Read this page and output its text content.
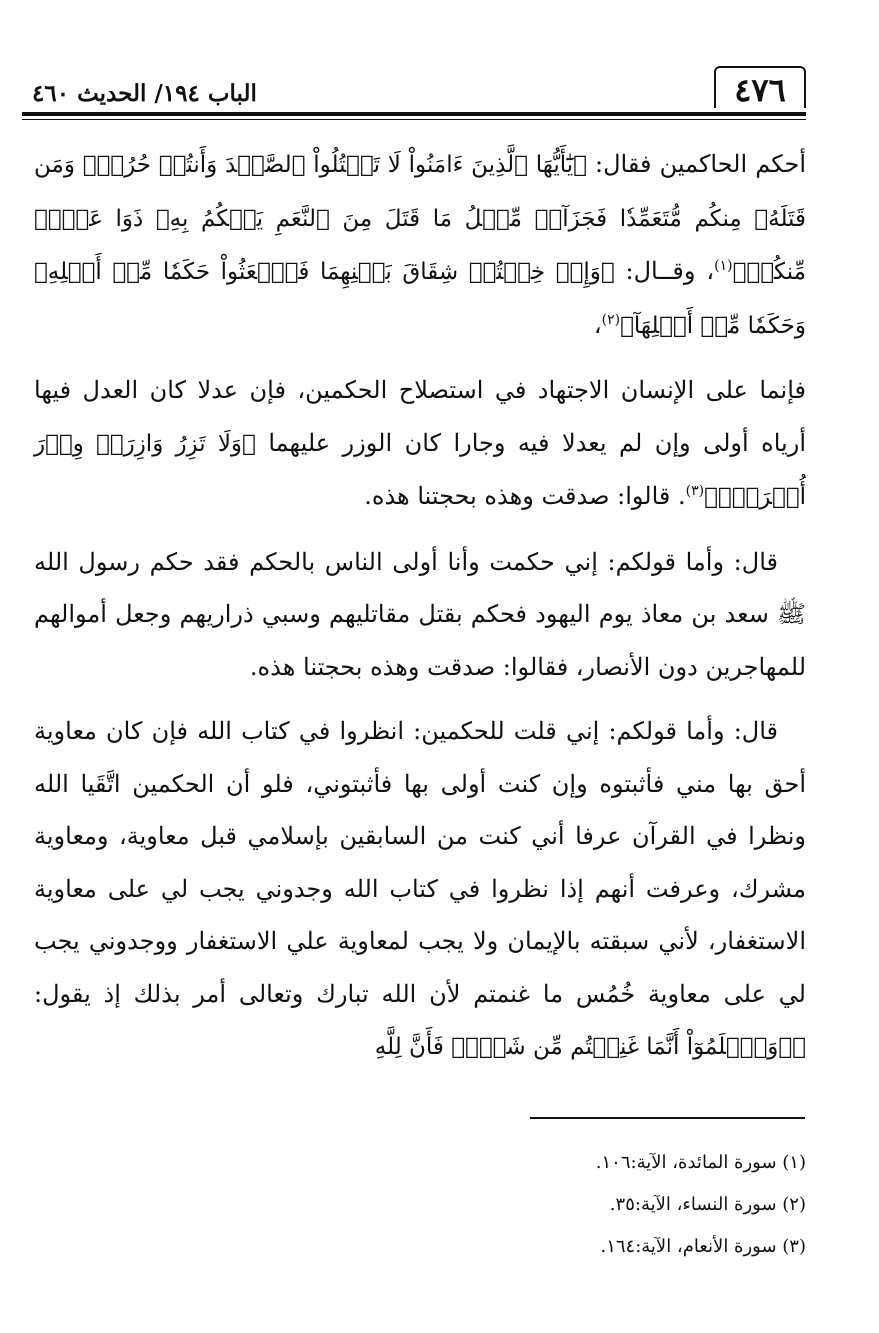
٤٧٦
الباب ١٩٤/ الحديث ٤٦٠

أحكم الحاكمين فقال: ﴿يَٰٓأَيُّهَا ٱلَّذِينَ ءَامَنُواْ لَا تَقۡتُلُواْ ٱلصَّيۡدَ وَأَنتُمۡ حُرُمٞۚ وَمَن قَتَلَهُۥ مِنكُم مُّتَعَمِّدٗا فَجَزَآءٞ مِّثۡلُ مَا قَتَلَ مِنَ ٱلنَّعَمِ يَحۡكُمُ بِهِۦ ذَوَا عَدۡلٖ مِّنكُمۡ﴾$^{(١)}$، وقــال: ﴿وَإِنۡ خِفۡتُمۡ شِقَاقَ بَيۡنِهِمَا فَٱبۡعَثُواْ حَكَمٗا مِّنۡ أَهۡلِهِۦ وَحَكَمٗا مِّنۡ أَهۡلِهَآ﴾$^{(٢)}$،

فإنما على الإنسان الاجتهاد في استصلاح الحكمين، فإن عدلا كان العدل فيها أرياه أولى وإن لم يعدلا فيه وجارا كان الوزر عليهما ﴿وَلَا تَزِرُ وَازِرَةٞ وِزۡرَ أُخۡرَىٰۚ﴾$^{(٣)}$. قالوا: صدقت وهذه بحجتنا هذه.

قال: وأما قولكم: إني حكمت وأنا أولى الناس بالحكم فقد حكم رسول الله ﷺ سعد بن معاذ يوم اليهود فحكم بقتل مقاتليهم وسبي ذراريهم وجعل أموالهم للمهاجرين دون الأنصار، فقالوا: صدقت وهذه بحجتنا هذه.

قال: وأما قولكم: إني قلت للحكمين: انظروا في كتاب الله فإن كان معاوية أحق بها مني فأثبتوه وإن كنت أولى بها فأثبتوني، فلو أن الحكمين اتَّقَيا الله ونظرا في القرآن عرفا أني كنت من السابقين بإسلامي قبل معاوية، ومعاوية مشرك، وعرفت أنهم إذا نظروا في كتاب الله وجدوني يجب لي على معاوية الاستغفار، لأني سبقته بالإيمان ولا يجب لمعاوية علي الاستغفار ووجدوني يجب لي على معاوية خُمُس ما غنمتم لأن الله تبارك وتعالى أمر بذلك إذ يقول: ﴿۞وَٱعۡلَمُوٓاْ أَنَّمَا غَنِمۡتُم مِّن شَيۡءٖ فَأَنَّ لِلَّهِ

(١) سورة المائدة، الآية:١٠٦.
(٢) سورة النساء، الآية:٣٥.
(٣) سورة الأنعام، الآية:١٦٤.
